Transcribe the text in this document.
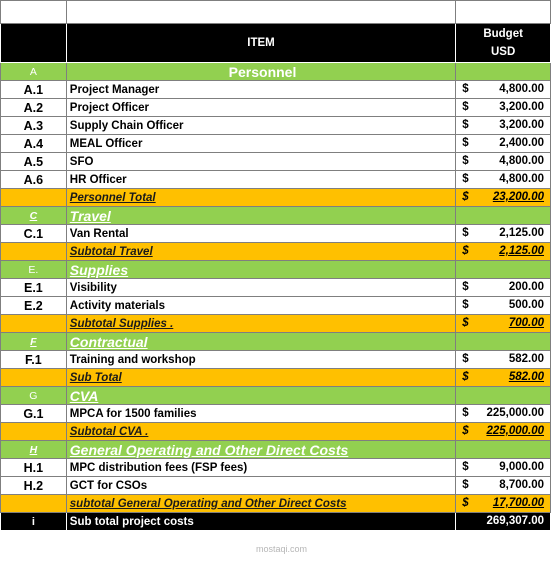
	ITEM	Budget
USD

A	Personnel	
A.1	Project Manager	$ 4,800.00

A.2	Project Officer	$ 3,200.00

A.3	Supply Chain Officer	$ 3,200.00

A.4	MEAL Officer	$ 2,400.00

A.5	SFO	$ 4,800.00

A.6	HR Officer	$ 4,800.00

	Personnel Total	$ 23,200.00

C	Travel	
C.1	Van Rental	$ 2,125.00

	Subtotal Travel	$ 2,125.00

E.	Supplies	
E.1	Visibility	$ 200.00

E.2	Activity materials	$ 500.00

	Subtotal Supplies .	$ 700.00

F	Contractual	
F.1	Training and workshop	$ 582.00

	Sub Total	$ 582.00

G	CVA	
G.1	MPCA for 1500 families	$ 225,000.00

	Subtotal CVA .	$ 225,000.00

H	General Operating and Other Direct Costs	
H.1	MPC distribution fees (FSP fees)	$ 9,000.00

H.2	GCT for CSOs	$ 8,700.00

	subtotal General Operating and Other Direct Costs	$ 17,700.00

i	Sub total project costs	269,307.00
mostaqi.com
